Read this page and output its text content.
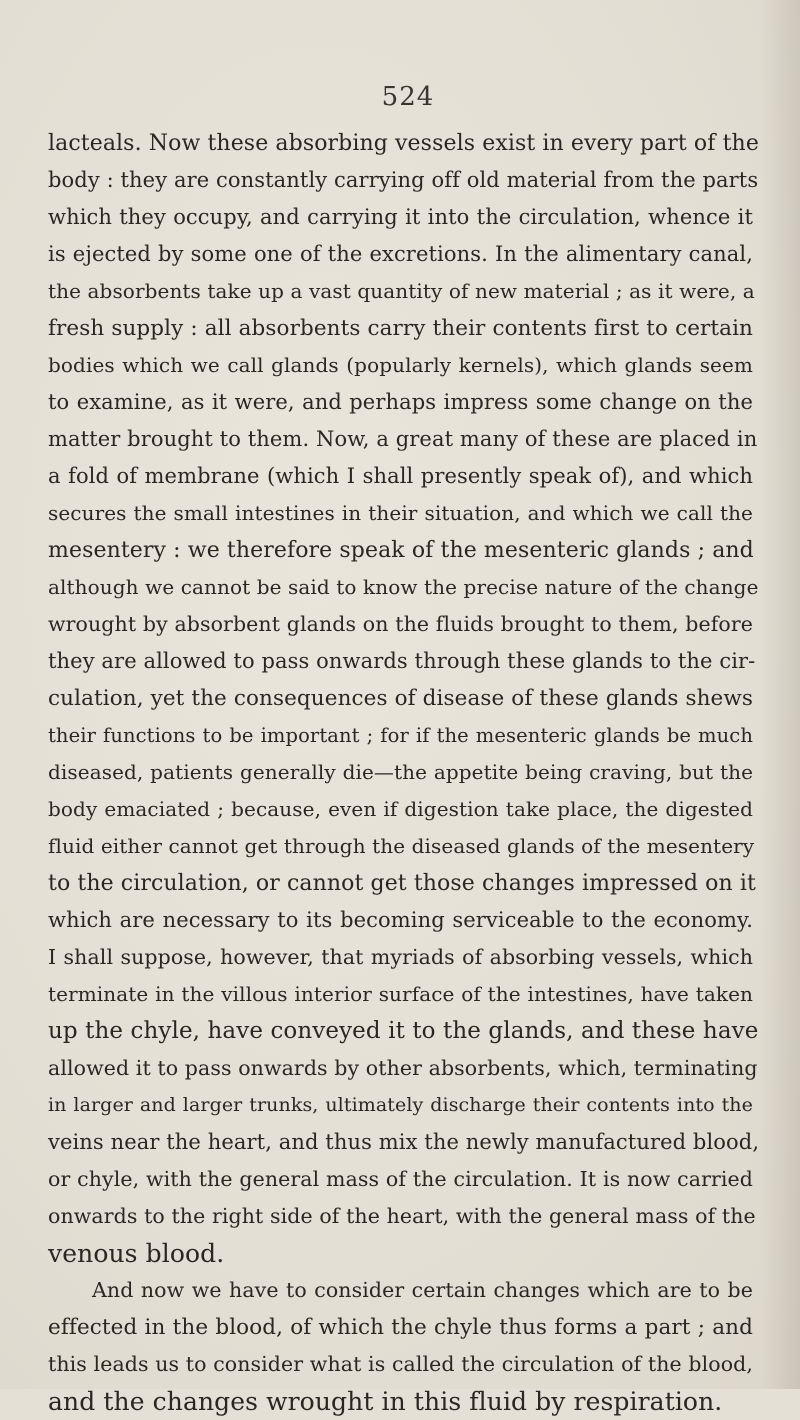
524
lacteals. Now these absorbing vessels exist in every part of the
body : they are constantly carrying off old material from the parts
which they occupy, and carrying it into the circulation, whence it
is ejected by some one of the excretions. In the alimentary canal,
the absorbents take up a vast quantity of new material ; as it were, a
fresh supply : all absorbents carry their contents first to certain
bodies which we call glands (popularly kernels), which glands seem
to examine, as it were, and perhaps impress some change on the
matter brought to them. Now, a great many of these are placed in
a fold of membrane (which I shall presently speak of), and which
secures the small intestines in their situation, and which we call the
mesentery : we therefore speak of the mesenteric glands ; and
although we cannot be said to know the precise nature of the change
wrought by absorbent glands on the fluids brought to them, before
they are allowed to pass onwards through these glands to the cir-
culation, yet the consequences of disease of these glands shews
their functions to be important ; for if the mesenteric glands be much
diseased, patients generally die—the appetite being craving, but the
body emaciated ; because, even if digestion take place, the digested
fluid either cannot get through the diseased glands of the mesentery
to the circulation, or cannot get those changes impressed on it
which are necessary to its becoming serviceable to the economy.
I shall suppose, however, that myriads of absorbing vessels, which
terminate in the villous interior surface of the intestines, have taken
up the chyle, have conveyed it to the glands, and these have
allowed it to pass onwards by other absorbents, which, terminating
in larger and larger trunks, ultimately discharge their contents into the
veins near the heart, and thus mix the newly manufactured blood,
or chyle, with the general mass of the circulation. It is now carried
onwards to the right side of the heart, with the general mass of the
venous blood.
And now we have to consider certain changes which are to be
effected in the blood, of which the chyle thus forms a part ; and
this leads us to consider what is called the circulation of the blood,
and the changes wrought in this fluid by respiration.
